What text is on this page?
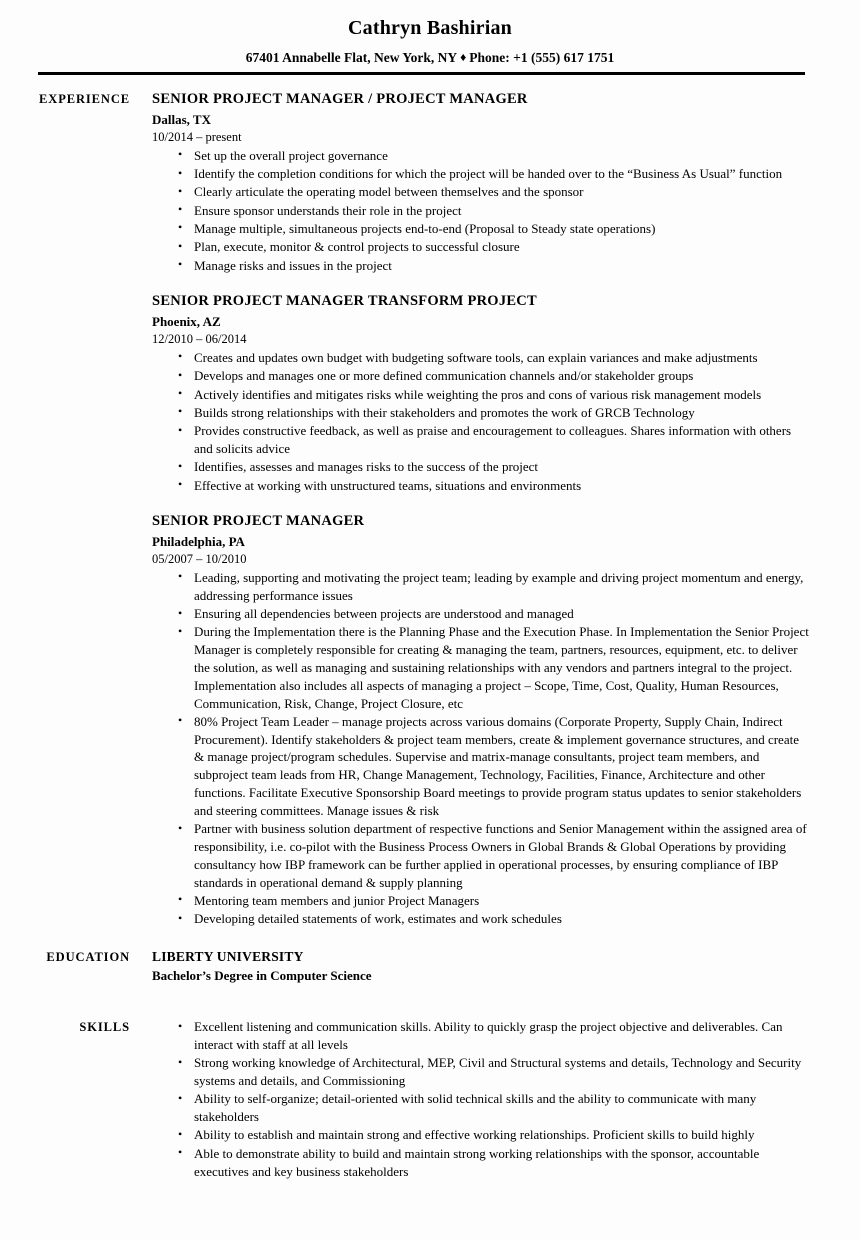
Cathryn Bashirian
67401 Annabelle Flat, New York, NY ♦ Phone: +1 (555) 617 1751
EXPERIENCE	SENIOR PROJECT MANAGER / PROJECT MANAGER
Dallas, TX
10/2014 – present
• Set up the overall project governance
• Identify the completion conditions for which the project will be handed over to the “Business As Usual” function
• Clearly articulate the operating model between themselves and the sponsor
• Ensure sponsor understands their role in the project
• Manage multiple, simultaneous projects end-to-end (Proposal to Steady state operations)
• Plan, execute, monitor & control projects to successful closure
• Manage risks and issues in the project
SENIOR PROJECT MANAGER TRANSFORM PROJECT
Phoenix, AZ
12/2010 – 06/2014
• Creates and updates own budget with budgeting software tools, can explain variances and make adjustments
• Develops and manages one or more defined communication channels and/or stakeholder groups
• Actively identifies and mitigates risks while weighting the pros and cons of various risk management models
• Builds strong relationships with their stakeholders and promotes the work of GRCB Technology
• Provides constructive feedback, as well as praise and encouragement to colleagues. Shares information with others and solicits advice
• Identifies, assesses and manages risks to the success of the project
• Effective at working with unstructured teams, situations and environments
SENIOR PROJECT MANAGER
Philadelphia, PA
05/2007 – 10/2010
• Leading, supporting and motivating the project team; leading by example and driving project momentum and energy, addressing performance issues
• Ensuring all dependencies between projects are understood and managed
• During the Implementation there is the Planning Phase and the Execution Phase. In Implementation the Senior Project Manager is completely responsible for creating & managing the team, partners, resources, equipment, etc. to deliver the solution, as well as managing and sustaining relationships with any vendors and partners integral to the project. Implementation also includes all aspects of managing a project – Scope, Time, Cost, Quality, Human Resources, Communication, Risk, Change, Project Closure, etc
• 80% Project Team Leader – manage projects across various domains (Corporate Property, Supply Chain, Indirect Procurement). Identify stakeholders & project team members, create & implement governance structures, and create & manage project/program schedules. Supervise and matrix-manage consultants, project team members, and subproject team leads from HR, Change Management, Technology, Facilities, Finance, Architecture and other functions. Facilitate Executive Sponsorship Board meetings to provide program status updates to senior stakeholders and steering committees. Manage issues & risk
• Partner with business solution department of respective functions and Senior Management within the assigned area of responsibility, i.e. co-pilot with the Business Process Owners in Global Brands & Global Operations by providing consultancy how IBP framework can be further applied in operational processes, by ensuring compliance of IBP standards in operational demand & supply planning
• Mentoring team members and junior Project Managers
• Developing detailed statements of work, estimates and work schedules
EDUCATION	LIBERTY UNIVERSITY
Bachelor’s Degree in Computer Science
SKILLS	• Excellent listening and communication skills. Ability to quickly grasp the project objective and deliverables. Can interact with staff at all levels
• Strong working knowledge of Architectural, MEP, Civil and Structural systems and details, Technology and Security systems and details, and Commissioning
• Ability to self-organize; detail-oriented with solid technical skills and the ability to communicate with many stakeholders
• Ability to establish and maintain strong and effective working relationships. Proficient skills to build highly
• Able to demonstrate ability to build and maintain strong working relationships with the sponsor, accountable executives and key business stakeholders
